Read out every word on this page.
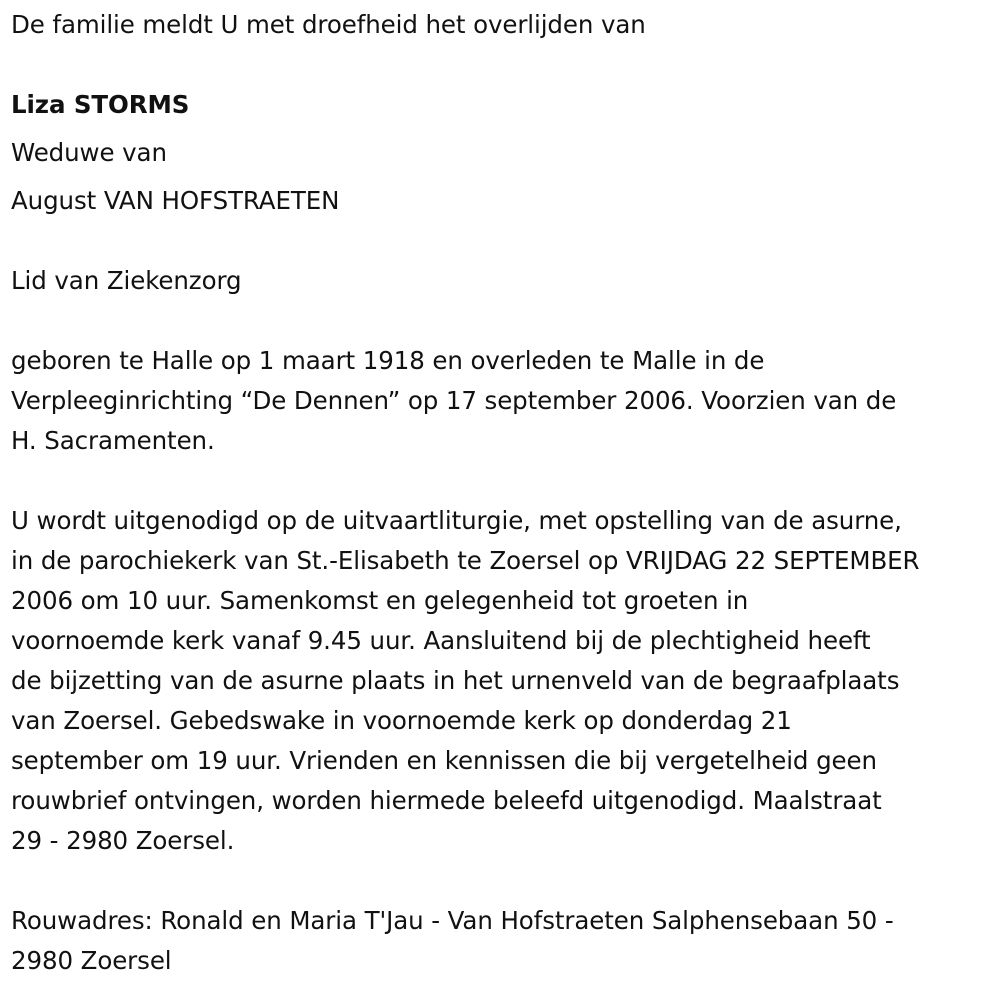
De familie meldt U met droefheid het overlijden van
Liza STORMS
Weduwe van
August VAN HOFSTRAETEN
Lid van Ziekenzorg
geboren te Halle op 1 maart 1918 en overleden te Malle in de
Verpleeginrichting “De Dennen” op 17 september 2006. Voorzien van de
H. Sacramenten.
U wordt uitgenodigd op de uitvaartliturgie, met opstelling van de asurne,
in de parochiekerk van St.-Elisabeth te Zoersel op VRIJDAG 22 SEPTEMBER
2006 om 10 uur. Samenkomst en gelegenheid tot groeten in
voornoemde kerk vanaf 9.45 uur. Aansluitend bij de plechtigheid heeft
de bijzetting van de asurne plaats in het urnenveld van de begraafplaats
van Zoersel. Gebedswake in voornoemde kerk op donderdag 21
september om 19 uur. Vrienden en kennissen die bij vergetelheid geen
rouwbrief ontvingen, worden hiermede beleefd uitgenodigd. Maalstraat
29 - 2980 Zoersel.
Rouwadres: Ronald en Maria T'Jau - Van Hofstraeten Salphensebaan 50 -
2980 Zoersel
